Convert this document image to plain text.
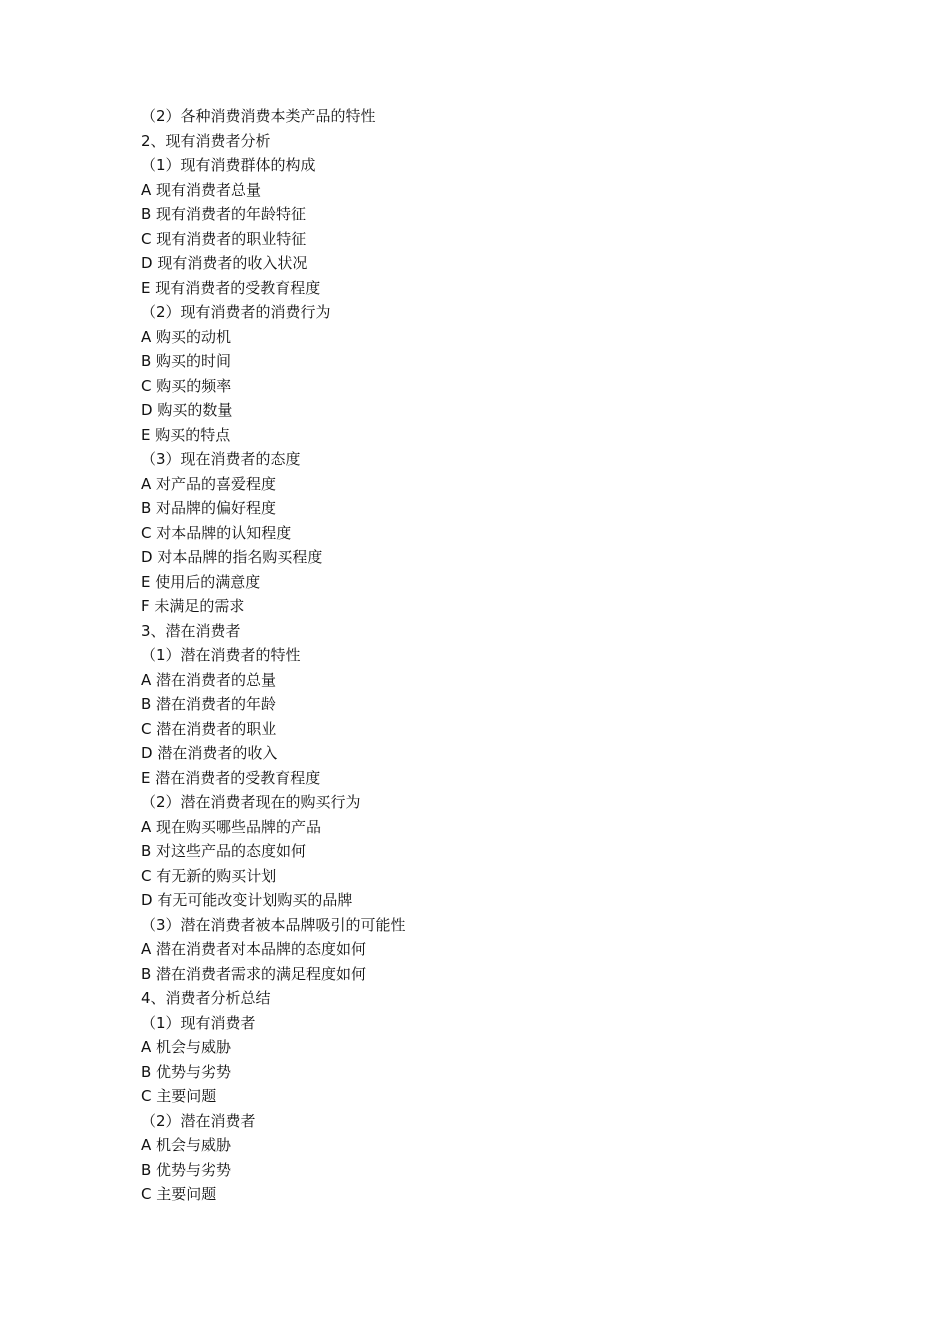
（2）各种消费消费本类产品的特性
2、现有消费者分析
（1）现有消费群体的构成
A 现有消费者总量
B 现有消费者的年龄特征
C 现有消费者的职业特征
D 现有消费者的收入状况
E 现有消费者的受教育程度
（2）现有消费者的消费行为
A 购买的动机
B 购买的时间
C 购买的频率
D 购买的数量
E 购买的特点
（3）现在消费者的态度
A 对产品的喜爱程度
B 对品牌的偏好程度
C 对本品牌的认知程度
D 对本品牌的指名购买程度
E 使用后的满意度
F 未满足的需求
3、潜在消费者
（1）潜在消费者的特性
A 潜在消费者的总量
B 潜在消费者的年龄
C 潜在消费者的职业
D 潜在消费者的收入
E 潜在消费者的受教育程度
（2）潜在消费者现在的购买行为
A 现在购买哪些品牌的产品
B 对这些产品的态度如何
C 有无新的购买计划
D 有无可能改变计划购买的品牌
（3）潜在消费者被本品牌吸引的可能性
A 潜在消费者对本品牌的态度如何
B 潜在消费者需求的满足程度如何
4、消费者分析总结
（1）现有消费者
A 机会与威胁
B 优势与劣势
C 主要问题
（2）潜在消费者
A 机会与威胁
B 优势与劣势
C 主要问题
